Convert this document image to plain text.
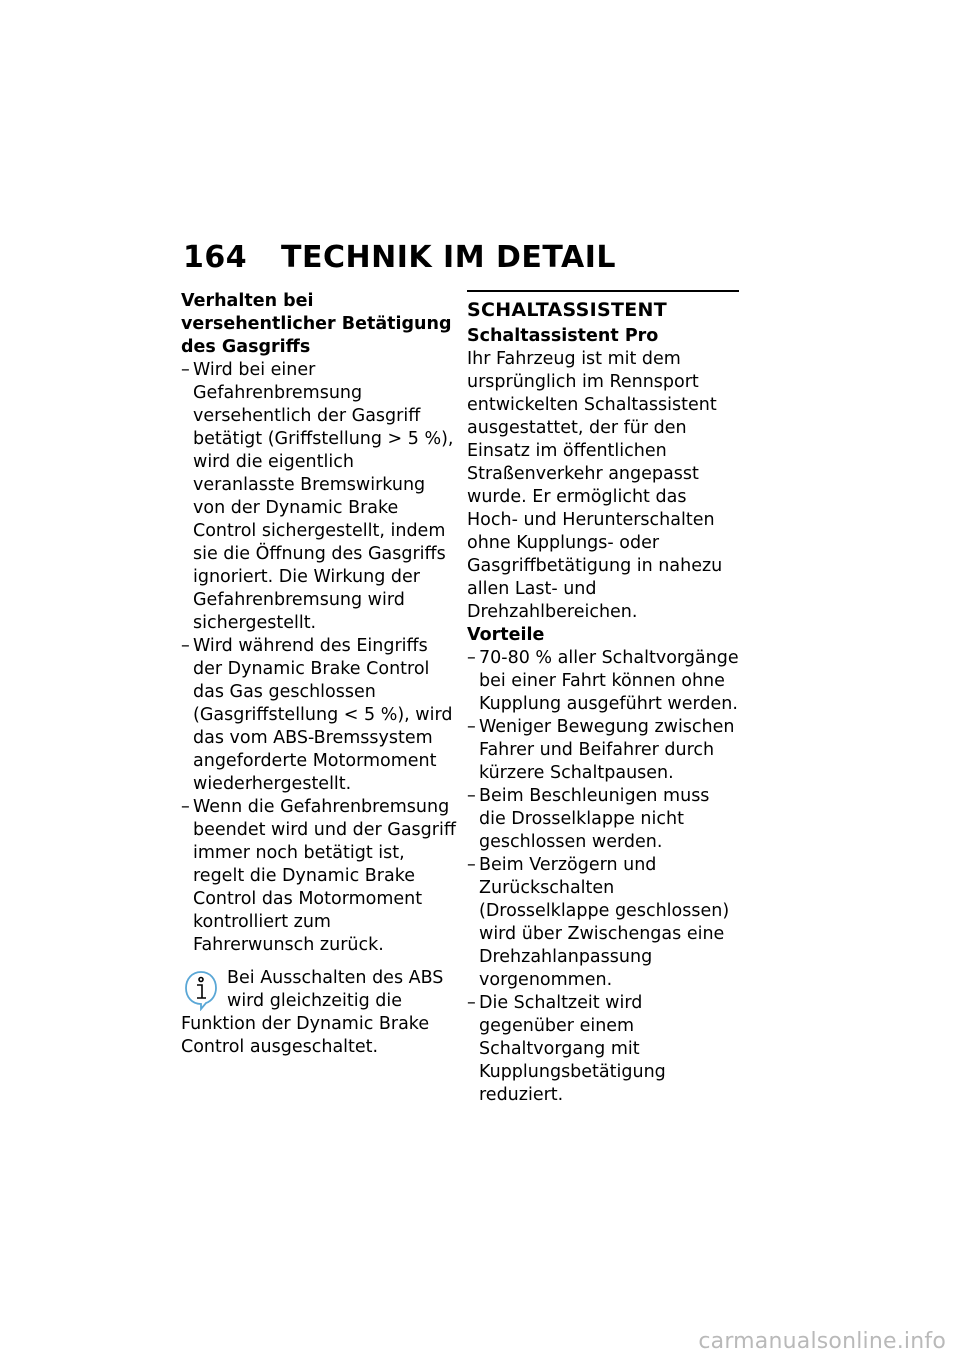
164 TECHNIK IM DETAIL

Verhalten bei versehentlicher Betätigung des Gasgriffs

– Wird bei einer Gefahrenbremsung versehentlich der Gasgriff betätigt (Griffstellung > 5 %), wird die eigentlich veranlasste Bremswirkung von der Dynamic Brake Control sichergestellt, indem sie die Öffnung des Gasgriffs ignoriert. Die Wirkung der Gefahrenbremsung wird sichergestellt.
– Wird während des Eingriffs der Dynamic Brake Control das Gas geschlossen (Gasgriffstellung < 5 %), wird das vom ABS-Bremssystem angeforderte Motormoment wiederhergestellt.
– Wenn die Gefahrenbremsung beendet wird und der Gasgriff immer noch betätigt ist, regelt die Dynamic Brake Control das Motormoment kontrolliert zum Fahrerwunsch zurück.
Bei Ausschalten des ABS wird gleichzeitig die Funktion der Dynamic Brake Control ausgeschaltet.

SCHALTASSISTENT

Schaltassistent Pro

Ihr Fahrzeug ist mit dem ursprünglich im Rennsport entwickelten Schaltassistent ausgestattet, der für den Einsatz im öffentlichen Straßenverkehr angepasst wurde. Er ermöglicht das Hoch- und Herunterschalten ohne Kupplungs- oder Gasgriffbetätigung in nahezu allen Last- und Drehzahlbereichen.

Vorteile

– 70-80 % aller Schaltvorgänge bei einer Fahrt können ohne Kupplung ausgeführt werden.
– Weniger Bewegung zwischen Fahrer und Beifahrer durch kürzere Schaltpausen.
– Beim Beschleunigen muss die Drosselklappe nicht geschlossen werden.
– Beim Verzögern und Zurückschalten (Drosselklappe geschlossen) wird über Zwischengas eine Drehzahlanpassung vorgenommen.
– Die Schaltzeit wird gegenüber einem Schaltvorgang mit Kupplungsbetätigung reduziert.
carmanualsonline.info
